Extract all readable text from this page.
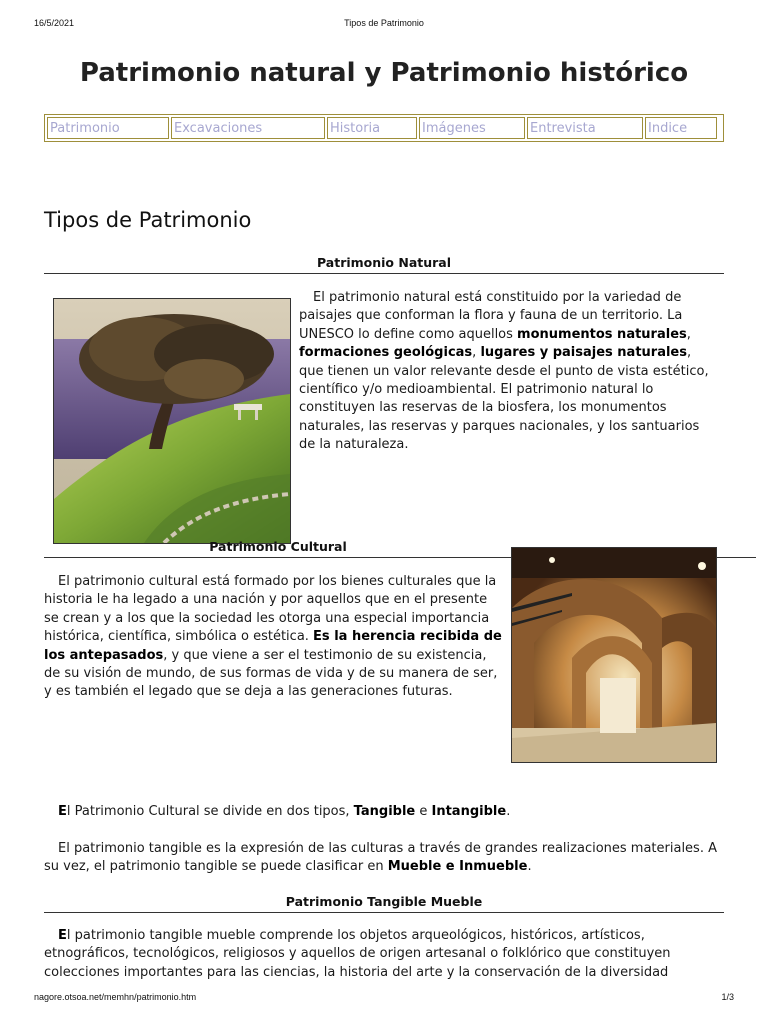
16/5/2021	Tipos de Patrimonio
Patrimonio natural y Patrimonio histórico
Patrimonio	Excavaciones	Historia	Imágenes	Entrevista	Indice
Tipos de Patrimonio
Patrimonio Natural

El patrimonio natural está constituido por la variedad de paisajes que conforman la flora y fauna de un territorio. La UNESCO lo define como aquellos monumentos naturales, formaciones geológicas, lugares y paisajes naturales, que tienen un valor relevante desde el punto de vista estético, científico y/o medioambiental. El patrimonio natural lo constituyen las reservas de la biosfera, los monumentos naturales, las reservas y parques nacionales, y los santuarios de la naturaleza.

Patrimonio Cultural

El patrimonio cultural está formado por los bienes culturales que la historia le ha legado a una nación y por aquellos que en el presente se crean y a los que la sociedad les otorga una especial importancia histórica, científica, simbólica o estética. Es la herencia recibida de los antepasados, y que viene a ser el testimonio de su existencia, de su visión de mundo, de sus formas de vida y de su manera de ser, y es también el legado que se deja a las generaciones futuras.

El Patrimonio Cultural se divide en dos tipos, Tangible e Intangible.

El patrimonio tangible es la expresión de las culturas a través de grandes realizaciones materiales. A su vez, el patrimonio tangible se puede clasificar en Mueble e Inmueble.

Patrimonio Tangible Mueble

El patrimonio tangible mueble comprende los objetos arqueológicos, históricos, artísticos, etnográficos, tecnológicos, religiosos y aquellos de origen artesanal o folklórico que constituyen colecciones importantes para las ciencias, la historia del arte y la conservación de la diversidad

nagore.otsoa.net/memhn/patrimonio.htm	1/3
